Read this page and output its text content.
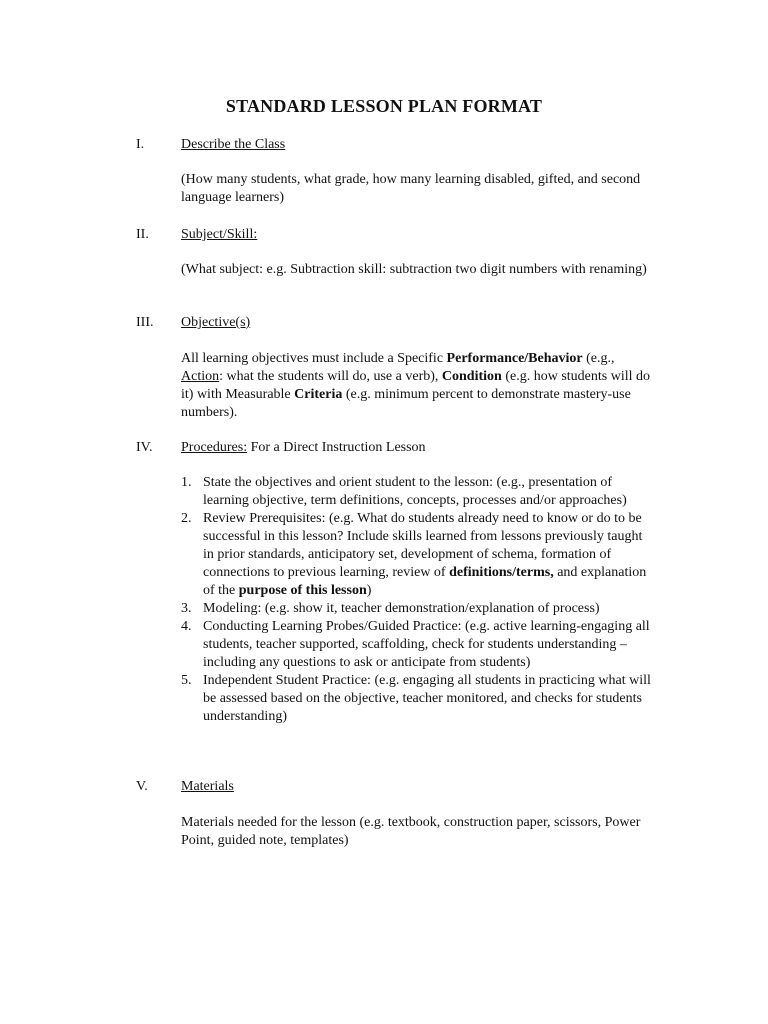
STANDARD LESSON PLAN FORMAT
I.	Describe the Class
(How many students, what grade, how many learning disabled, gifted, and second language learners)
II. Subject/Skill:
(What subject: e.g. Subtraction skill: subtraction two digit numbers with renaming)
III. Objective(s)
All learning objectives must include a Specific Performance/Behavior (e.g., Action: what the students will do, use a verb), Condition (e.g. how students will do it) with Measurable Criteria (e.g. minimum percent to demonstrate mastery-use numbers).
IV. Procedures: For a Direct Instruction Lesson
1. State the objectives and orient student to the lesson: (e.g., presentation of learning objective, term definitions, concepts, processes and/or approaches)
2. Review Prerequisites: (e.g. What do students already need to know or do to be successful in this lesson? Include skills learned from lessons previously taught in prior standards, anticipatory set, development of schema, formation of connections to previous learning, review of definitions/terms, and explanation of the purpose of this lesson)
3. Modeling: (e.g. show it, teacher demonstration/explanation of process)
4. Conducting Learning Probes/Guided Practice: (e.g. active learning-engaging all students, teacher supported, scaffolding, check for students understanding – including any questions to ask or anticipate from students)
5. Independent Student Practice: (e.g. engaging all students in practicing what will be assessed based on the objective, teacher monitored, and checks for students understanding)
V. Materials
Materials needed for the lesson (e.g. textbook, construction paper, scissors, Power Point, guided note, templates)
